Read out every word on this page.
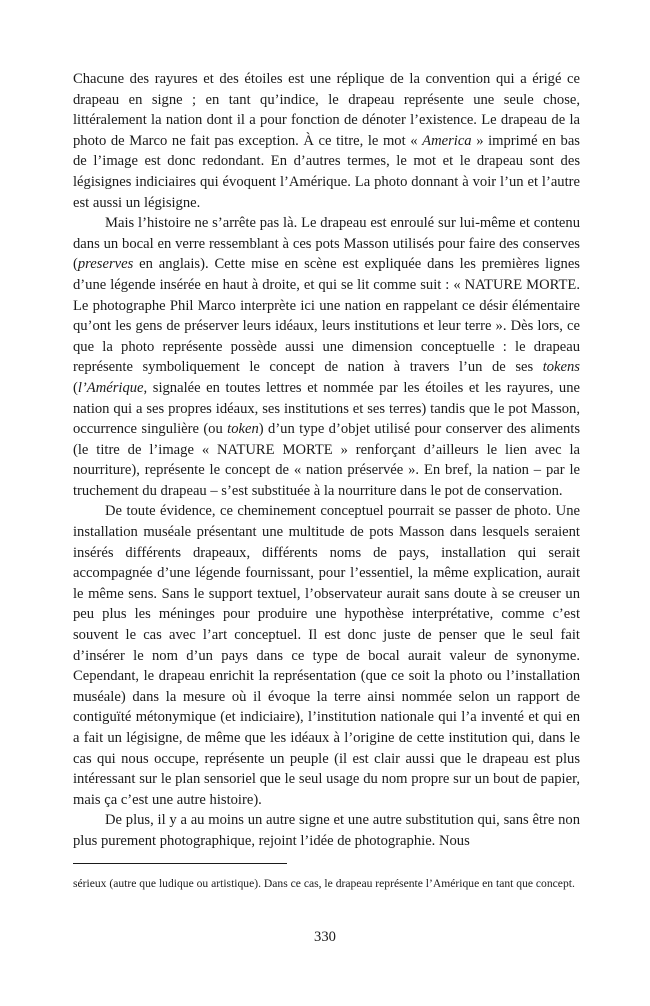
Chacune des rayures et des étoiles est une réplique de la convention qui a érigé ce drapeau en signe ; en tant qu’indice, le drapeau représente une seule chose, littéralement la nation dont il a pour fonction de dénoter l’existence. Le drapeau de la photo de Marco ne fait pas exception. À ce titre, le mot « America » imprimé en bas de l’image est donc redondant. En d’autres termes, le mot et le drapeau sont des légisignes indiciaires qui évoquent l’Amérique. La photo donnant à voir l’un et l’autre est aussi un légisigne.

Mais l’histoire ne s’arrête pas là. Le drapeau est enroulé sur lui-même et contenu dans un bocal en verre ressemblant à ces pots Masson utilisés pour faire des conserves (preserves en anglais). Cette mise en scène est expliquée dans les premières lignes d’une légende insérée en haut à droite, et qui se lit comme suit : « NATURE MORTE. Le photographe Phil Marco interprète ici une nation en rappelant ce désir élémentaire qu’ont les gens de préserver leurs idéaux, leurs institutions et leur terre ». Dès lors, ce que la photo représente possède aussi une dimension conceptuelle : le drapeau représente symboliquement le concept de nation à travers l’un de ses tokens (l’Amérique, signalée en toutes lettres et nommée par les étoiles et les rayures, une nation qui a ses propres idéaux, ses institutions et ses terres) tandis que le pot Masson, occurrence singulière (ou token) d’un type d’objet utilisé pour conserver des aliments (le titre de l’image « NATURE MORTE » renforçant d’ailleurs le lien avec la nourriture), représente le concept de « nation préservée ». En bref, la nation – par le truchement du drapeau – s’est substituée à la nourriture dans le pot de conservation.

De toute évidence, ce cheminement conceptuel pourrait se passer de photo. Une installation muséale présentant une multitude de pots Masson dans lesquels seraient insérés différents drapeaux, différents noms de pays, installation qui serait accompagnée d’une légende fournissant, pour l’essentiel, la même explication, aurait le même sens. Sans le support textuel, l’observateur aurait sans doute à se creuser un peu plus les méninges pour produire une hypothèse interprétative, comme c’est souvent le cas avec l’art conceptuel. Il est donc juste de penser que le seul fait d’insérer le nom d’un pays dans ce type de bocal aurait valeur de synonyme. Cependant, le drapeau enrichit la représentation (que ce soit la photo ou l’installation muséale) dans la mesure où il évoque la terre ainsi nommée selon un rapport de contiguïté métonymique (et indiciaire), l’institution nationale qui l’a inventé et qui en a fait un légisigne, de même que les idéaux à l’origine de cette institution qui, dans le cas qui nous occupe, représente un peuple (il est clair aussi que le drapeau est plus intéressant sur le plan sensoriel que le seul usage du nom propre sur un bout de papier, mais ça c’est une autre histoire).

De plus, il y a au moins un autre signe et une autre substitution qui, sans être non plus purement photographique, rejoint l’idée de photographie. Nous

sérieux (autre que ludique ou artistique). Dans ce cas, le drapeau représente l’Amérique en tant que concept.
330
